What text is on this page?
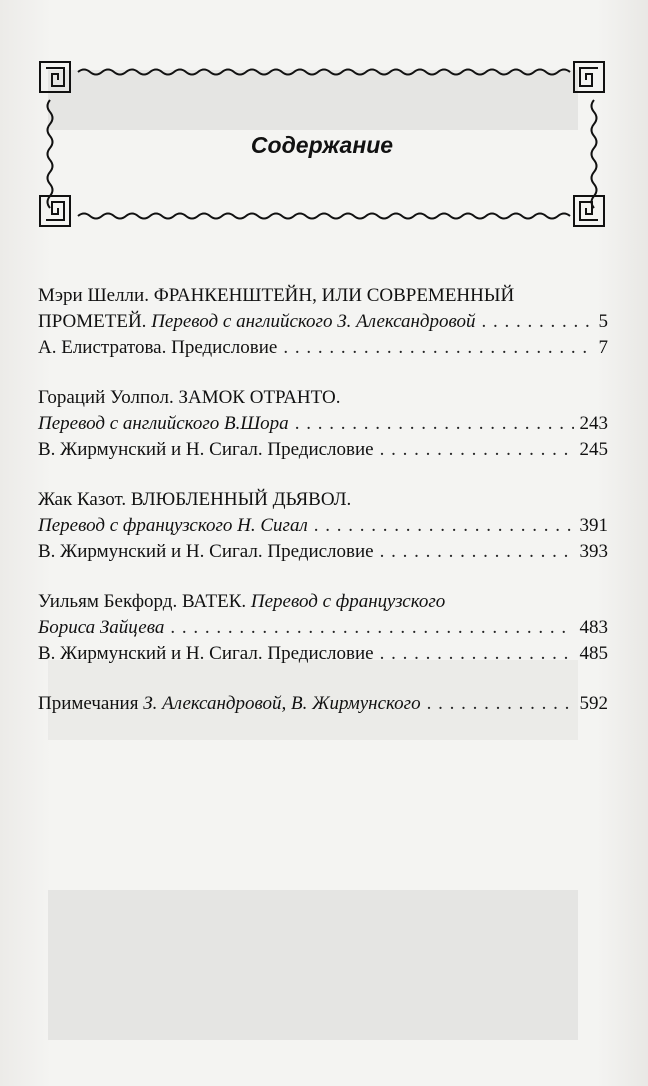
Содержание
Мэри Шелли. ФРАНКЕНШТЕЙН, ИЛИ СОВРЕМЕННЫЙ
ПРОМЕТЕЙ.
Перевод с английского З. Александровой . . .	5
А. Елистратова. Предисловие . . .	7
Гораций Уолпол. ЗАМОК ОТРАНТО.
Перевод с английского В.Шора . . .	243
В. Жирмунский и Н. Сигал. Предисловие . . .	245
Жак Казот. ВЛЮБЛЕННЫЙ ДЬЯВОЛ.
Перевод с французского Н. Сигал . . .	391
В. Жирмунский и Н. Сигал. Предисловие . . .	393
Уильям Бекфорд. ВАТЕК. Перевод с французского
Бориса Зайцева . . .	483
В. Жирмунский и Н. Сигал. Предисловие . . .	485
Примечания
З. Александровой, В. Жирмунского . . .	592
